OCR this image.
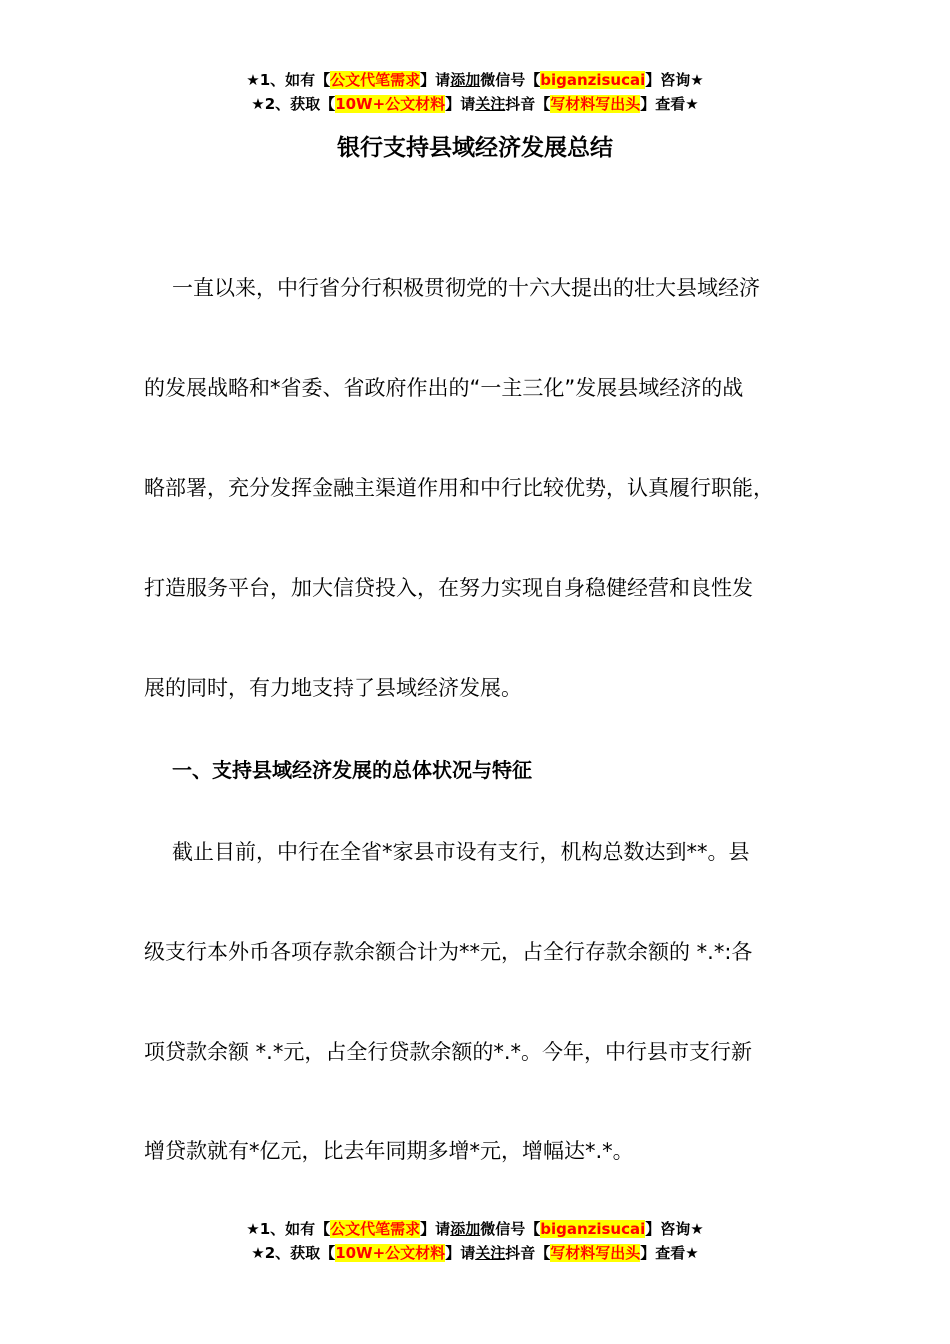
★1、如有【公文代笔需求】请添加微信号【biganzisucai】咨询★
★2、获取【10W+公文材料】请关注抖音【写材料写出头】查看★
银行支持县域经济发展总结
一直以来，中行省分行积极贯彻党的十六大提出的壮大县域经济
的发展战略和*省委、省政府作出的“一主三化”发展县域经济的战
略部署，充分发挥金融主渠道作用和中行比较优势，认真履行职能，
打造服务平台，加大信贷投入，在努力实现自身稳健经营和良性发
展的同时，有力地支持了县域经济发展。
一、支持县域经济发展的总体状况与特征
截止目前，中行在全省*家县市设有支行，机构总数达到**。县
级支行本外币各项存款余额合计为**元，占全行存款余额的 *.*:各
项贷款余额 *.*元，占全行贷款余额的*.*。今年，中行县市支行新
增贷款就有*亿元，比去年同期多增*元，增幅达*.*。
★1、如有【公文代笔需求】请添加微信号【biganzisucai】咨询★
★2、获取【10W+公文材料】请关注抖音【写材料写出头】查看★
